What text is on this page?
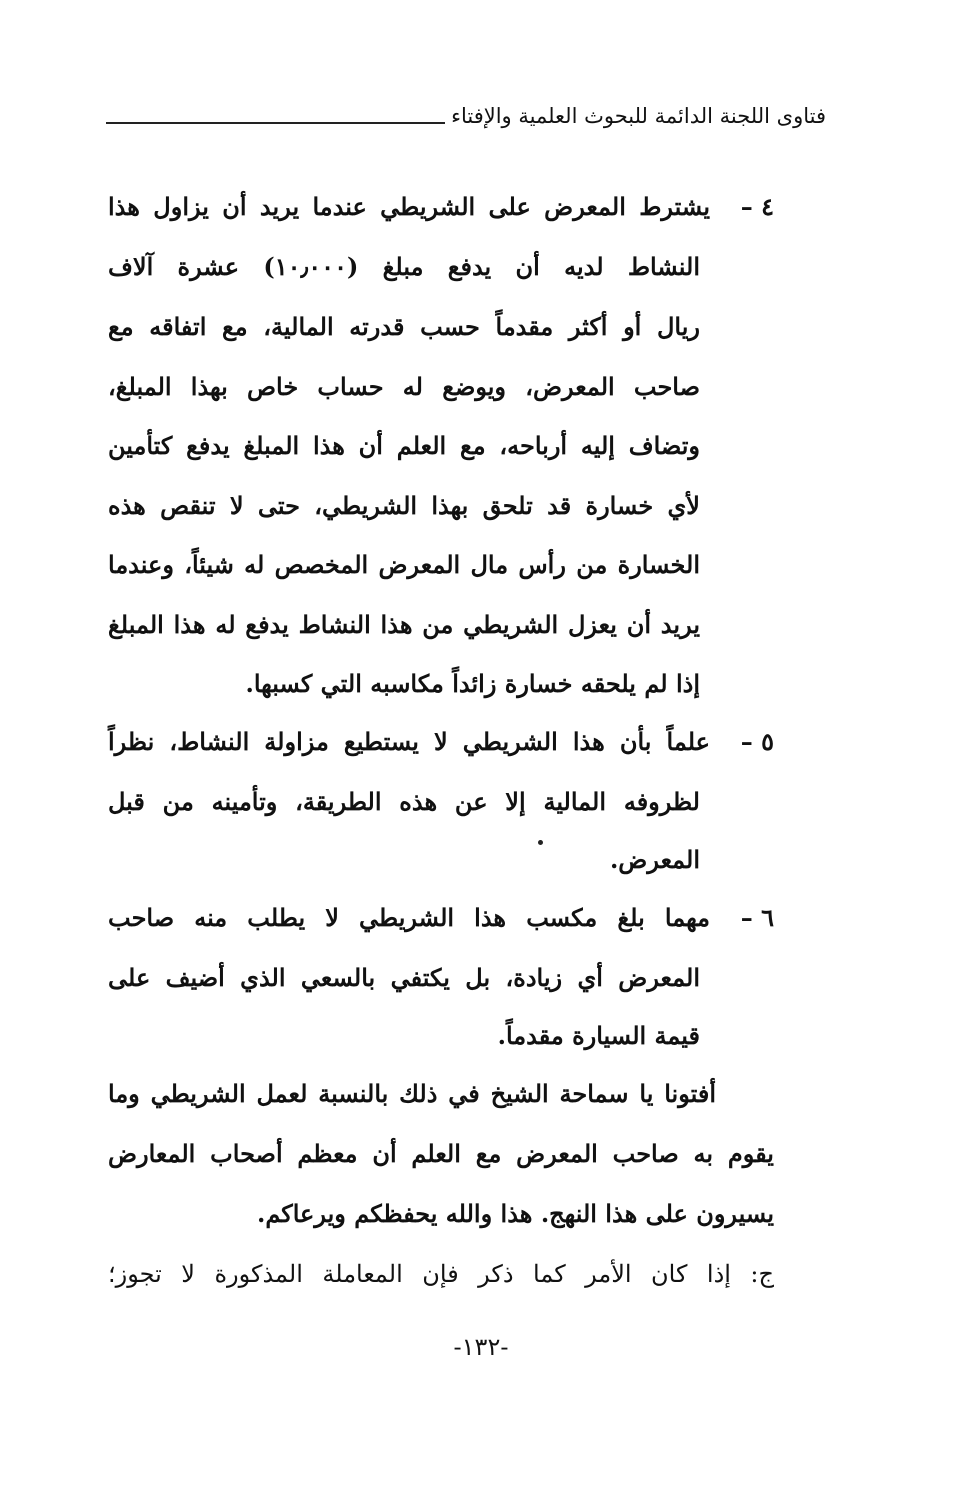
فتاوى اللجنة الدائمة للبحوث العلمية والإفتاء
٤ –
يشترط المعرض على الشريطي عندما يريد أن يزاول هذا
النشاط لديه أن يدفع مبلغ (١٠٫٠٠٠) عشرة آلاف
ريال أو أكثر مقدماً حسب قدرته المالية، مع اتفاقه مع
صاحب المعرض، ويوضع له حساب خاص بهذا المبلغ،
وتضاف إليه أرباحه، مع العلم أن هذا المبلغ يدفع كتأمين
لأي خسارة قد تلحق بهذا الشريطي، حتى لا تنقص هذه
الخسارة من رأس مال المعرض المخصص له شيئاً، وعندما
يريد أن يعزل الشريطي من هذا النشاط يدفع له هذا المبلغ
إذا لم يلحقه خسارة زائداً مكاسبه التي كسبها.
٥ –
علماً بأن هذا الشريطي لا يستطيع مزاولة النشاط، نظراً
لظروفه المالية إلا عن هذه الطريقة، وتأمينه من قبل
المعرض.
٦ –
مهما بلغ مكسب هذا الشريطي لا يطلب منه صاحب
المعرض أي زيادة، بل يكتفي بالسعي الذي أضيف على
قيمة السيارة مقدماً.
أفتونا يا سماحة الشيخ في ذلك بالنسبة لعمل الشريطي وما
يقوم به صاحب المعرض مع العلم أن معظم أصحاب المعارض
يسيرون على هذا النهج. هذا والله يحفظكم ويرعاكم.
ج: إذا كان الأمر كما ذكر فإن المعاملة المذكورة لا تجوز؛
-١٣٢-
